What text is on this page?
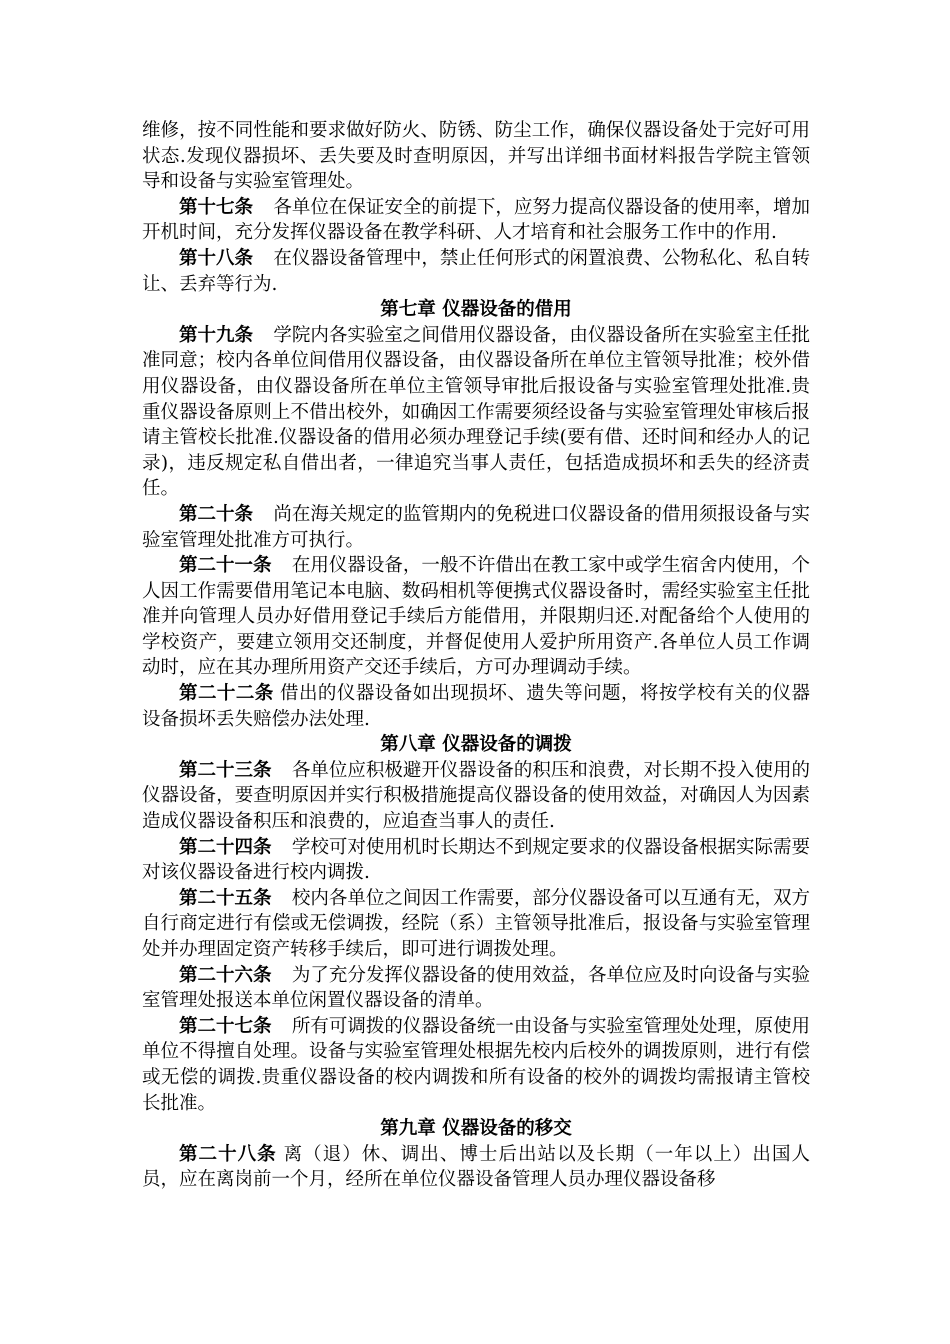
维修，按不同性能和要求做好防火、防锈、防尘工作，确保仪器设备处于完好可用状态.发现仪器损坏、丢失要及时查明原因，并写出详细书面材料报告学院主管领导和设备与实验室管理处。

第十七条 各单位在保证安全的前提下，应努力提高仪器设备的使用率，增加开机时间，充分发挥仪器设备在教学科研、人才培育和社会服务工作中的作用.

第十八条 在仪器设备管理中，禁止任何形式的闲置浪费、公物私化、私自转让、丢弃等行为.

第七章 仪器设备的借用

第十九条 学院内各实验室之间借用仪器设备，由仪器设备所在实验室主任批准同意；校内各单位间借用仪器设备，由仪器设备所在单位主管领导批准；校外借用仪器设备，由仪器设备所在单位主管领导审批后报设备与实验室管理处批准.贵重仪器设备原则上不借出校外，如确因工作需要须经设备与实验室管理处审核后报请主管校长批准.仪器设备的借用必须办理登记手续(要有借、还时间和经办人的记录)，违反规定私自借出者，一律追究当事人责任，包括造成损坏和丢失的经济责任。

第二十条 尚在海关规定的监管期内的免税进口仪器设备的借用须报设备与实验室管理处批准方可执行。

第二十一条 在用仪器设备，一般不许借出在教工家中或学生宿舍内使用，个人因工作需要借用笔记本电脑、数码相机等便携式仪器设备时，需经实验室主任批准并向管理人员办好借用登记手续后方能借用，并限期归还.对配备给个人使用的学校资产，要建立领用交还制度，并督促使用人爱护所用资产.各单位人员工作调动时，应在其办理所用资产交还手续后，方可办理调动手续。

第二十二条 借出的仪器设备如出现损坏、遗失等问题，将按学校有关的仪器设备损坏丢失赔偿办法处理.

第八章 仪器设备的调拨

第二十三条 各单位应积极避开仪器设备的积压和浪费，对长期不投入使用的仪器设备，要查明原因并实行积极措施提高仪器设备的使用效益，对确因人为因素造成仪器设备积压和浪费的，应追查当事人的责任.

第二十四条 学校可对使用机时长期达不到规定要求的仪器设备根据实际需要对该仪器设备进行校内调拨.

第二十五条 校内各单位之间因工作需要，部分仪器设备可以互通有无，双方自行商定进行有偿或无偿调拨，经院（系）主管领导批准后，报设备与实验室管理处并办理固定资产转移手续后，即可进行调拨处理。

第二十六条 为了充分发挥仪器设备的使用效益，各单位应及时向设备与实验室管理处报送本单位闲置仪器设备的清单。

第二十七条 所有可调拨的仪器设备统一由设备与实验室管理处处理，原使用单位不得擅自处理。设备与实验室管理处根据先校内后校外的调拨原则，进行有偿或无偿的调拨.贵重仪器设备的校内调拨和所有设备的校外的调拨均需报请主管校长批准。

第九章 仪器设备的移交

第二十八条 离（退）休、调出、博士后出站以及长期（一年以上）出国人员，应在离岗前一个月，经所在单位仪器设备管理人员办理仪器设备移
